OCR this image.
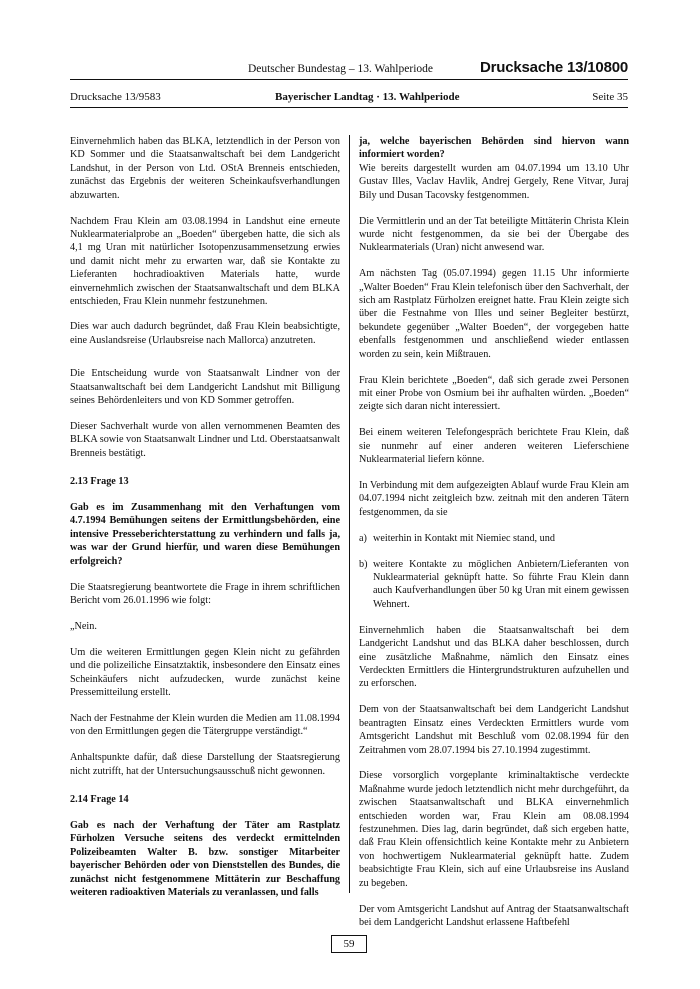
Deutscher Bundestag – 13. Wahlperiode	Drucksache 13/10800
Drucksache 13/9583	Bayerischer Landtag · 13. Wahlperiode	Seite 35

Einvernehmlich haben das BLKA, letztendlich in der Person von KD Sommer und die Staatsanwaltschaft bei dem Landgericht Landshut, in der Person von Ltd. OStA Brenneis entschieden, zunächst das Ergebnis der weiteren Scheinkaufsverhandlungen abzuwarten.

Nachdem Frau Klein am 03.08.1994 in Landshut eine erneute Nuklearmaterialprobe an „Boeden“ übergeben hatte, die sich als 4,1 mg Uran mit natürlicher Isotopenzusammensetzung erwies und damit nicht mehr zu erwarten war, daß sie Kontakte zu Lieferanten hochradioaktiven Materials hatte, wurde einvernehmlich zwischen der Staatsanwaltschaft und dem BLKA entschieden, Frau Klein nunmehr festzunehmen.

Dies war auch dadurch begründet, daß Frau Klein beabsichtigte, eine Auslandsreise (Urlaubsreise nach Mallorca) anzutreten.

Die Entscheidung wurde von Staatsanwalt Lindner von der Staatsanwaltschaft bei dem Landgericht Landshut mit Billigung seines Behördenleiters und von KD Sommer getroffen.

Dieser Sachverhalt wurde von allen vernommenen Beamten des BLKA sowie von Staatsanwalt Lindner und Ltd. Oberstaatsanwalt Brenneis bestätigt.

2.13 Frage 13

Gab es im Zusammenhang mit den Verhaftungen vom 4.7.1994 Bemühungen seitens der Ermittlungsbehörden, eine intensive Presseberichterstattung zu verhindern und falls ja, was war der Grund hierfür, und waren diese Bemühungen erfolgreich?

Die Staatsregierung beantwortete die Frage in ihrem schriftlichen Bericht vom 26.01.1996 wie folgt:

„Nein.

Um die weiteren Ermittlungen gegen Klein nicht zu gefährden und die polizeiliche Einsatztaktik, insbesondere den Einsatz eines Scheinkäufers nicht aufzudecken, wurde zunächst keine Pressemitteilung erstellt.

Nach der Festnahme der Klein wurden die Medien am 11.08.1994 von den Ermittlungen gegen die Tätergruppe verständigt.“

Anhaltspunkte dafür, daß diese Darstellung der Staatsregierung nicht zutrifft, hat der Untersuchungsausschuß nicht gewonnen.

2.14 Frage 14

Gab es nach der Verhaftung der Täter am Rastplatz Fürholzen Versuche seitens des verdeckt ermittelnden Polizeibeamten Walter B. bzw. sonstiger Mitarbeiter bayerischer Behörden oder von Dienststellen des Bundes, die zunächst nicht festgenommene Mittäterin zur Beschaffung weiteren radioaktiven Materials zu veranlassen, und falls

ja, welche bayerischen Behörden sind hiervon wann informiert worden?

Wie bereits dargestellt wurden am 04.07.1994 um 13.10 Uhr Gustav Illes, Vaclav Havlik, Andrej Gergely, Rene Vitvar, Juraj Bily und Dusan Tacovsky festgenommen.

Die Vermittlerin und an der Tat beteiligte Mittäterin Christa Klein wurde nicht festgenommen, da sie bei der Übergabe des Nuklearmaterials (Uran) nicht anwesend war.

Am nächsten Tag (05.07.1994) gegen 11.15 Uhr informierte „Walter Boeden“ Frau Klein telefonisch über den Sachverhalt, der sich am Rastplatz Fürholzen ereignet hatte. Frau Klein zeigte sich über die Festnahme von Illes und seiner Begleiter bestürzt, bekundete gegenüber „Walter Boeden“, der vorgegeben hatte ebenfalls festgenommen und anschließend wieder entlassen worden zu sein, kein Mißtrauen.

Frau Klein berichtete „Boeden“, daß sich gerade zwei Personen mit einer Probe von Osmium bei ihr aufhalten würden. „Boeden“ zeigte sich daran nicht interessiert.

Bei einem weiteren Telefongespräch berichtete Frau Klein, daß sie nunmehr auf einer anderen weiteren Lieferschiene Nuklearmaterial liefern könne.

In Verbindung mit dem aufgezeigten Ablauf wurde Frau Klein am 04.07.1994 nicht zeitgleich bzw. zeitnah mit den anderen Tätern festgenommen, da sie

a) weiterhin in Kontakt mit Niemiec stand, und
b) weitere Kontakte zu möglichen Anbietern/Lieferanten von Nuklearmaterial geknüpft hatte. So führte Frau Klein dann auch Kaufverhandlungen über 50 kg Uran mit einem gewissen Wehnert.

Einvernehmlich haben die Staatsanwaltschaft bei dem Landgericht Landshut und das BLKA daher beschlossen, durch eine zusätzliche Maßnahme, nämlich den Einsatz eines Verdeckten Ermittlers die Hintergrundstrukturen aufzuhellen und zu erforschen.

Dem von der Staatsanwaltschaft bei dem Landgericht Landshut beantragten Einsatz eines Verdeckten Ermittlers wurde vom Amtsgericht Landshut mit Beschluß vom 02.08.1994 für den Zeitrahmen vom 28.07.1994 bis 27.10.1994 zugestimmt.

Diese vorsorglich vorgeplante kriminaltaktische verdeckte Maßnahme wurde jedoch letztendlich nicht mehr durchgeführt, da zwischen Staatsanwaltschaft und BLKA einvernehmlich entschieden worden war, Frau Klein am 08.08.1994 festzunehmen. Dies lag, darin begründet, daß sich ergeben hatte, daß Frau Klein offensichtlich keine Kontakte mehr zu Anbietern von hochwertigem Nuklearmaterial geknüpft hatte. Zudem beabsichtigte Frau Klein, sich auf eine Urlaubsreise ins Ausland zu begeben.

Der vom Amtsgericht Landshut auf Antrag der Staatsanwaltschaft bei dem Landgericht Landshut erlassene Haftbefehl

59
